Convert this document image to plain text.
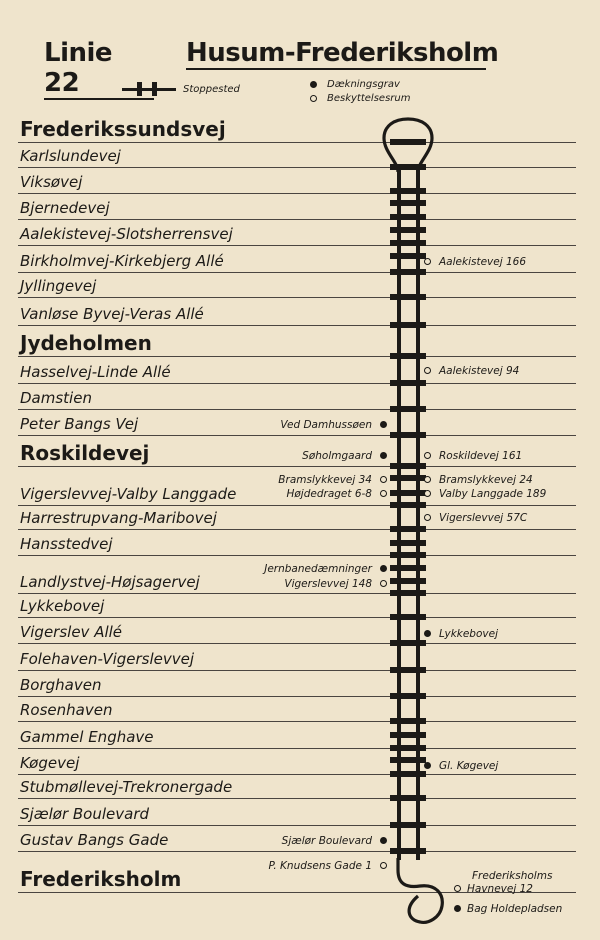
Linie 22
Husum-Frederiksholm
Stoppested	Dækningsgrav
Beskyttelsesrum
Frederikssundsvej
Karlslundevej
Viksøvej
Bjernedevej
Aalekistevej-Slotsherrensvej
Birkholmvej-Kirkebjerg Allé
Jyllingevej
Vanløse Byvej-Veras Allé
Jydeholmen
Hasselvej-Linde Allé
Damstien
Peter Bangs Vej
Roskildevej
Vigerslevvej-Valby Langgade
Harrestrupvang-Maribovej
Hansstedvej
Landlystvej-Højsagervej
Lykkebovej
Vigerslev Allé
Folehaven-Vigerslevvej
Borghaven
Rosenhaven
Gammel Enghave
Køgevej
Stubmøllevej-Trekronergade
Sjælør Boulevard
Gustav Bangs Gade
Frederiksholm
Ved Damhussøen
Søholmgaard
Bramslykkevej 34
Højdedraget 6-8
Jernbanedæmninger
Vigerslevvej 148
Sjælør Boulevard
P. Knudsens Gade 1
Aalekistevej 166
Aalekistevej 94
Roskildevej 161
Bramslykkevej 24
Valby Langgade 189
Vigerslevvej 57C
Lykkebovej
Gl. Køgevej
Frederiksholms
Havnevej 12
Bag Holdepladsen
